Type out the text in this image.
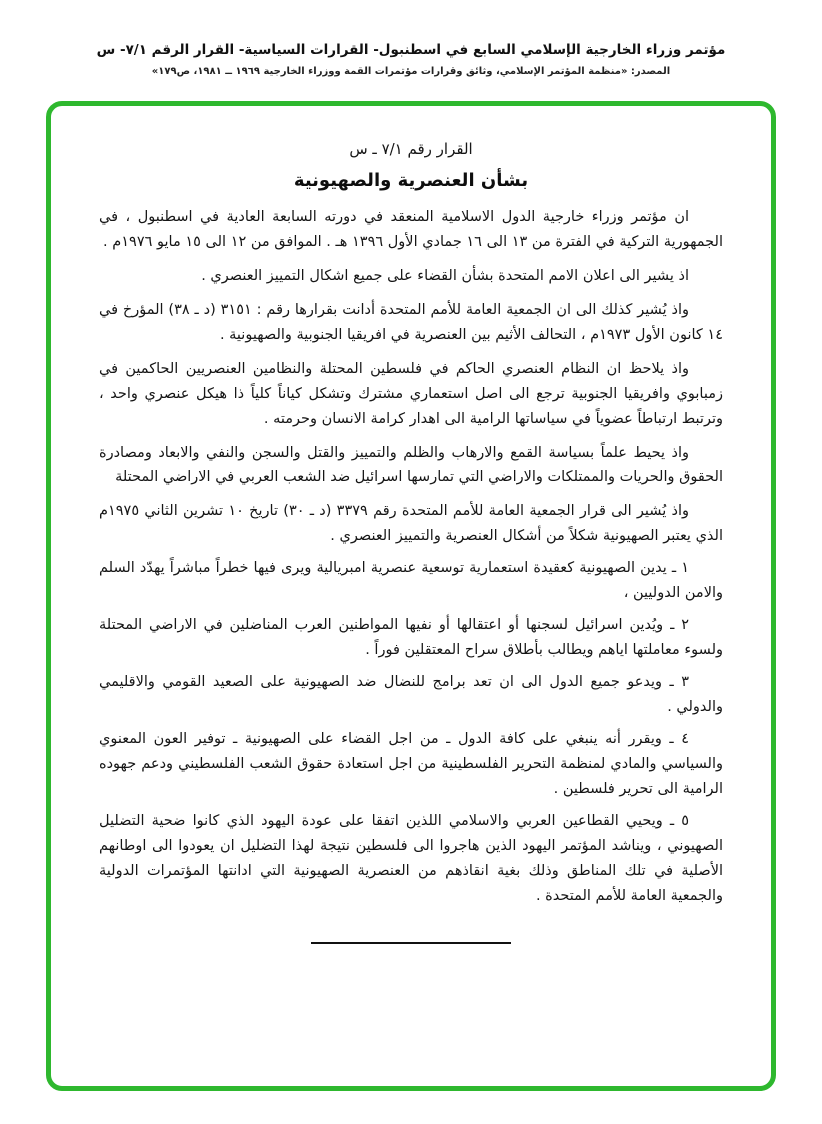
مؤتمر وزراء الخارجية الإسلامي السابع في اسطنبول- القرارات السياسية- القرار الرقم ٧/١- س
المصدر: «منظمة المؤتمر الإسلامي، وثائق وقرارات مؤتمرات القمة ووزراء الخارجية ١٩٦٩ ــ ١٩٨١، ص١٧٩»
القرار رقم ٧/١ ـ س
بشأن العنصرية والصهيونية

ان مؤتمر وزراء خارجية الدول الاسلامية المنعقد في دورته السابعة العادية في اسطنبول ، في الجمهورية التركية في الفترة من ١٣ الى ١٦ جمادي الأول ١٣٩٦ هـ . الموافق من ١٢ الى ١٥ مايو ١٩٧٦م .

اذ يشير الى اعلان الامم المتحدة بشأن القضاء على جميع اشكال التمييز العنصري .

واذ يُشير كذلك الى ان الجمعية العامة للأمم المتحدة أدانت بقرارها رقم : ٣١٥١ (د ـ ٣٨) المؤرخ في ١٤ كانون الأول ١٩٧٣م ، التحالف الأثيم بين العنصرية في افريقيا الجنوبية والصهيونية .

واذ يلاحظ ان النظام العنصري الحاكم في فلسطين المحتلة والنظامين العنصريين الحاكمين في زمبابوي وافريقيا الجنوبية ترجع الى اصل استعماري مشترك وتشكل كياناً كلياً ذا هيكل عنصري واحد ، وترتبط ارتباطاً عضوياً في سياساتها الرامية الى اهدار كرامة الانسان وحرمته .

واذ يحيط علماً بسياسة القمع والارهاب والظلم والتمييز والقتل والسجن والنفي والابعاد ومصادرة الحقوق والحريات والممتلكات والاراضي التي تمارسها اسرائيل ضد الشعب العربي في الاراضي المحتلة

واذ يُشير الى قرار الجمعية العامة للأمم المتحدة رقم ٣٣٧٩ (د ـ ٣٠) تاريخ ١٠ تشرين الثاني ١٩٧٥م الذي يعتبر الصهيونية شكلاً من أشكال العنصرية والتمييز العنصري .

١ ـ يدين الصهيونية كعقيدة استعمارية توسعية عنصرية امبريالية ويرى فيها خطراً مباشراً يهدّد السلم والامن الدوليين ،

٢ ـ ويُدين اسرائيل لسجنها أو اعتقالها أو نفيها المواطنين العرب المناضلين في الاراضي المحتلة ولسوء معاملتها اياهم ويطالب بأطلاق سراح المعتقلين فوراً .

٣ ـ ويدعو جميع الدول الى ان تعد برامج للنضال ضد الصهيونية على الصعيد القومي والاقليمي والدولي .

٤ ـ ويقرر أنه ينبغي على كافة الدول ـ من اجل القضاء على الصهيونية ـ توفير العون المعنوي والسياسي والمادي لمنظمة التحرير الفلسطينية من اجل استعادة حقوق الشعب الفلسطيني ودعم جهوده الرامية الى تحرير فلسطين .

٥ ـ ويحيي القطاعين العربي والاسلامي اللذين اتفقا على عودة اليهود الذي كانوا ضحية التضليل الصهيوني ، ويناشد المؤتمر اليهود الذين هاجروا الى فلسطين نتيجة لهذا التضليل ان يعودوا الى اوطانهم الأصلية في تلك المناطق وذلك بغية انقاذهم من العنصرية الصهيونية التي ادانتها المؤتمرات الدولية والجمعية العامة للأمم المتحدة .
